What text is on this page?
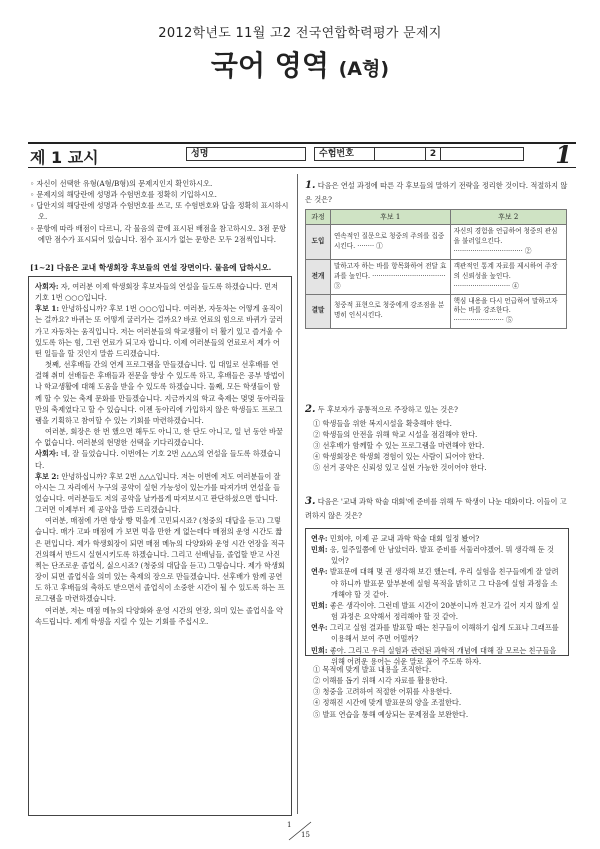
2012학년도 11월 고2 전국연합학력평가 문제지
국어 영역 (A형)
제 1 교시	성명	수험번호	2	1

◦ 자신이 선택한 유형(A형/B형)의 문제지인지 확인하시오.

◦ 문제지의 해당란에 성명과 수험번호를 정확히 기입하시오.

◦ 답안지의 해당란에 성명과 수험번호를 쓰고, 또 수험번호와 답을 정확히 표시하시오.

◦ 문항에 따라 배점이 다르니, 각 물음의 끝에 표시된 배점을 참고하시오. 3점 문항에만 점수가 표시되어 있습니다. 점수 표시가 없는 문항은 모두 2점씩입니다.

[1~2] 다음은 교내 학생회장 후보들의 연설 장면이다. 물음에 답하시오.

사회자: 자, 여러분 이제 학생회장 후보자들의 연설을 들도록 하겠습니다. 먼저 기호 1번 ○○○입니다.

후보 1: 안녕하십니까? 후보 1번 ○○○입니다. 여러분, 자동차는 어떻게 움직이는 걸까요? 바퀴는 또 어떻게 굴러가는 걸까요? 바로 연료의 힘으로 바퀴가 굴러가고 자동차는 움직입니다. 저는 여러분들의 학교생활이 더 활기 있고 즐거울 수 있도록 하는 힘, 그런 연료가 되고자 합니다. 이제 여러분들의 연료로서 제가 어떤 일들을 할 것인지 말씀 드리겠습니다.

첫째, 선후배들 간의 연계 프로그램을 만들겠습니다. 입 대일로 선후배를 연결해 취미 선배들은 후배들과 전문을 향상 수 있도록 하고, 후배들은 공부 방법이나 학교생활에 대해 도움을 받을 수 있도록 하겠습니다. 둘째, 모든 학생들이 함께 할 수 있는 축제 문화를 만들겠습니다. 지금까지의 학교 축제는 몇몇 동아리들만의 축제였다고 할 수 있습니다. 이젠 동아리에 가입하지 않은 학생들도 프로그램을 기획하고 참여할 수 있는 기회를 마련하겠습니다.

여러분, 회장은 한 번 했으면 해두도 아니고, 한 단도 아니고, 일 년 동안 바꿀 수 없습니다. 여러분의 현명한 선택을 기다리겠습니다.

사회자: 네, 잘 들었습니다. 이번에는 기호 2번 △△△의 연설을 들도록 하겠습니다.

후보 2: 안녕하십니까? 후보 2번 △△△입니다. 저는 이번에 저도 여러분들이 잘 아시는 그 자리에서 누구의 공약이 실현 가능성이 있는가를 따져가며 연설을 들었습니다. 여러분들도 저의 공약을 날카롭게 따져보시고 판단하셨으면 합니다. 그러면 이제부터 제 공약을 말씀 드리겠습니다.

여러분, 매점에 가면 항상 빵 먹을게 고민되시죠? (청중의 대답을 듣고) 그렇습니다. 매가 고파 매점에 가 보면 먹을 만한 게 없는데다 매점의 운영 시간도 짧은 편입니다. 제가 학생회장이 되면 매점 메뉴의 다양화와 운영 시간 연장을 적극 건의해서 반드시 실현시키도록 하겠습니다. 그리고 선배님들, 졸업할 받고 사진 찍는 단조로운 졸업식, 싫으시죠? (청중의 대답을 듣고) 그렇습니다. 제가 학생회장이 되면 졸업식을 의미 있는 축제의 장으로 만들겠습니다. 선후배가 함께 공연도 하고 후배들의 축하도 받으면서 졸업식이 소중한 시간이 될 수 있도록 하는 프로그램을 마련하겠습니다.

여러분, 저는 매점 메뉴의 다양화와 운영 시간의 연장, 의미 있는 졸업식을 약속드립니다. 제게 학생을 지킬 수 있는 기회를 주십시오.

1. 다음은 연설 과정에 따른 각 후보들의 말하기 전략을 정리한 것이다. 적절하지 않은 것은?
과정	후보 1	후보 2
도입	연속적인 질문으로 청중의 주의를 집중시킨다. ········ ①	자신의 경험을 언급하여 청중의 관심을 불러일으킨다. ································· ②
전개	말하고자 하는 바를 항목화하여 전달 효과를 높인다. ··································· ③	객관적인 통계 자료를 제시하여 주장의 신뢰성을 높인다. ··························· ④
결말	청중적 표현으로 청중에게 강조점을 분명히 인식시킨다.	핵심 내용을 다시 언급하여 말하고자 하는 바를 강조한다. ························ ⑤
2. 두 후보자가 공통적으로 주장하고 있는 것은?
① 학생들을 위한 복지시설을 확충해야 한다.
② 학생들의 안전을 위해 학교 시설을 점검해야 한다.
③ 선후배가 함께할 수 있는 프로그램을 마련해야 한다.
④ 학생회장은 학생회 경험이 있는 사람이 되어야 한다.
⑤ 선거 공약은 신뢰성 있고 실현 가능한 것이어야 한다.
3. 다음은 '교내 과학 학술 대회'에 준비를 위해 두 학생이 나눈 대화이다. 이들이 고려하지 않은 것은?

연우: 민희야, 이제 곧 교내 과학 학술 대회 일정 봤어?

민희: 응, 일주일쯤에 안 남았더라. 발표 준비를 서둘러야겠어. 뭐 생각해 둔 것 있어?

연우: 발표문에 대해 몇 권 생각해 보긴 했는데, 우리 실험을 친구들에게 잘 알려야 하니까 발표문 앞부분에 실험 목적을 밝히고 그 다음에 실험 과정을 소개해야 할 것 같아.

민희: 좋은 생각이야. 그런데 발표 시간이 20분이니까 친고가 길어 지지 않게 실험 과정은 요약해서 정리해야 할 것 같아.

연우: 그리고 실험 결과를 발표할 때는 친구들이 이해하기 쉽게 도표나 그래프를 이용해서 보여 주면 어떨까?

민희: 좋아. 그리고 우리 실험과 관련된 과학적 개념에 대해 잘 모르는 친구들을 위해 어려운 용어는 쉬운 말로 풀어 주도록 하자.

① 목적에 맞게 발표 내용을 조직한다.
② 이해를 돕기 위해 시각 자료를 활용한다.
③ 청중을 고려하여 적절한 어휘를 사용한다.
④ 정해진 시간에 맞게 발표문의 양을 조절한다.
⑤ 발표 연습을 통해 예상되는 문제점을 보완한다.
1
15
